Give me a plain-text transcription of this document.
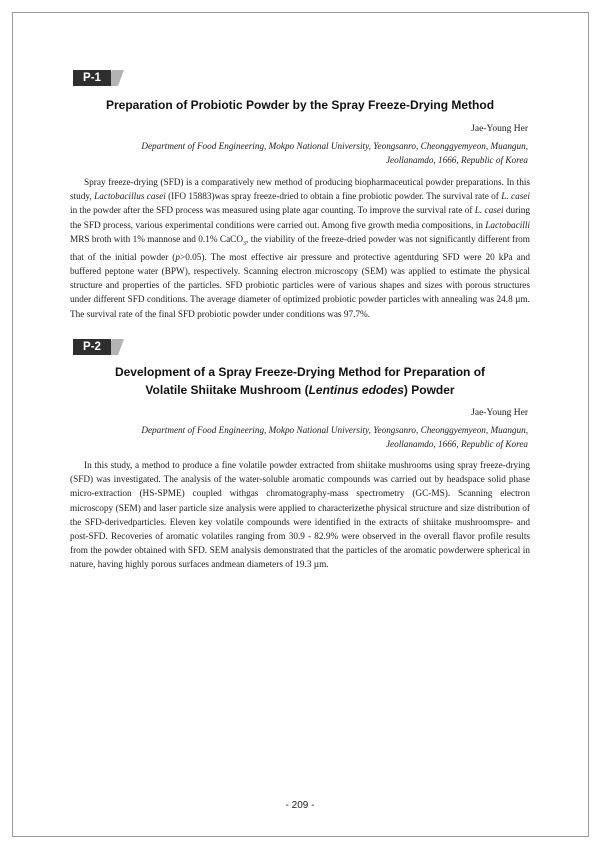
P-1
Preparation of Probiotic Powder by the Spray Freeze-Drying Method
Jae-Young Her
Department of Food Engineering, Mokpo National University, Yeongsanro, Cheonggyemyeon, Muangun,
Jeollanamdo, 1666, Republic of Korea
Spray freeze-drying (SFD) is a comparatively new method of producing biopharmaceutical powder preparations. In this study, Lactobacillus casei (IFO 15883)was spray freeze-dried to obtain a fine probiotic powder. The survival rate of L. casei in the powder after the SFD process was measured using plate agar counting. To improve the survival rate of L. casei during the SFD process, various experimental conditions were carried out. Among five growth media compositions, in Lactobacilli MRS broth with 1% mannose and 0.1% CaCO$_3$, the viability of the freeze-dried powder was not significantly different from that of the initial powder (p>0.05). The most effective air pressure and protective agentduring SFD were 20 kPa and buffered peptone water (BPW), respectively. Scanning electron microscopy (SEM) was applied to estimate the physical structure and properties of the particles. SFD probiotic particles were of various shapes and sizes with porous structures under different SFD conditions. The average diameter of optimized probiotic powder particles with annealing was 24.8 µm. The survival rate of the final SFD probiotic powder under conditions was 97.7%.
P-2
Development of a Spray Freeze-Drying Method for Preparation of
Volatile Shiitake Mushroom (Lentinus edodes) Powder
Jae-Young Her
Department of Food Engineering, Mokpo National University, Yeongsanro, Cheonggyemyeon, Muangun,
Jeollanamdo, 1666, Republic of Korea
In this study, a method to produce a fine volatile powder extracted from shiitake mushrooms using spray freeze-drying (SFD) was investigated. The analysis of the water-soluble aromatic compounds was carried out by headspace solid phase micro-extraction (HS-SPME) coupled withgas chromatography-mass spectrometry (GC-MS). Scanning electron microscopy (SEM) and laser particle size analysis were applied to characterizethe physical structure and size distribution of the SFD-derivedparticles. Eleven key volatile compounds were identified in the extracts of shiitake mushroomspre- and post-SFD. Recoveries of aromatic volatiles ranging from 30.9 - 82.9% were observed in the overall flavor profile results from the powder obtained with SFD. SEM analysis demonstrated that the particles of the aromatic powderwere spherical in nature, having highly porous surfaces andmean diameters of 19.3 µm.
- 209 -
